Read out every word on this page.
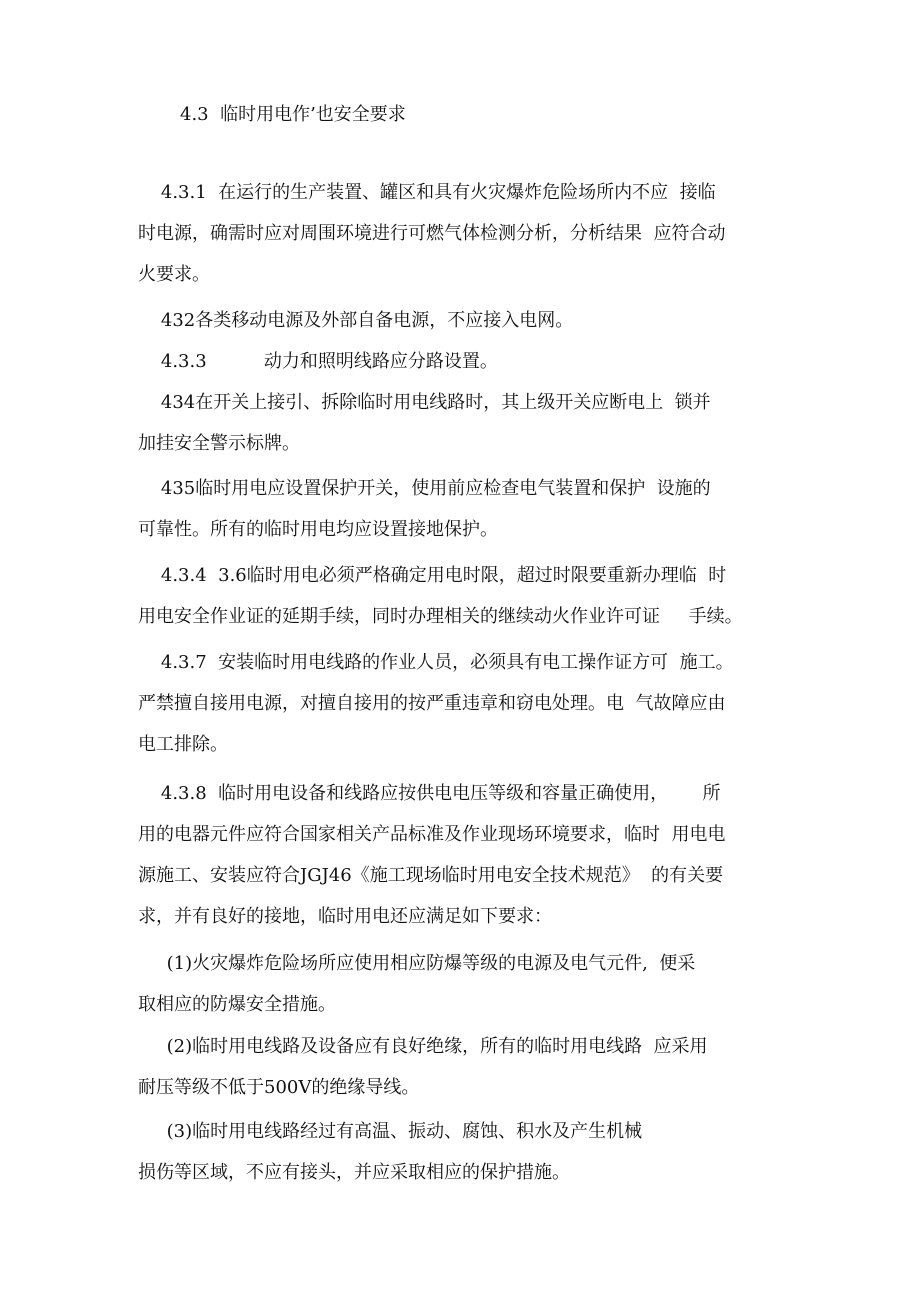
4.3  临时用电作’也安全要求
4.3.1  在运行的生产装置、罐区和具有火灾爆炸危险场所内不应  接临
时电源，确需时应对周围环境进行可燃气体检测分析，分析结果  应符合动
火要求。
432各类移动电源及外部自备电源，不应接入电网。
4.3.3          动力和照明线路应分路设置。
434在开关上接引、拆除临时用电线路时，其上级开关应断电上  锁并
加挂安全警示标牌。
435临时用电应设置保护开关，使用前应检查电气装置和保护  设施的
可靠性。所有的临时用电均应设置接地保护。
4.3.4  3.6临时用电必须严格确定用电时限，超过时限要重新办理临  时
用电安全作业证的延期手续，同时办理相关的继续动火作业许可证     手续。
4.3.7  安装临时用电线路的作业人员，必须具有电工操作证方可  施工。
严禁擅自接用电源，对擅自接用的按严重违章和窃电处理。电  气故障应由
电工排除。
4.3.8  临时用电设备和线路应按供电电压等级和容量正确使用，      所
用的电器元件应符合国家相关产品标准及作业现场环境要求，临时  用电电
源施工、安装应符合JGJ46《施工现场临时用电安全技术规范》  的有关要
求，并有良好的接地，临时用电还应满足如下要求：
(1)火灾爆炸危险场所应使用相应防爆等级的电源及电气元件,  便采
取相应的防爆安全措施。
(2)临时用电线路及设备应有良好绝缘，所有的临时用电线路  应采用
耐压等级不低于500V的绝缘导线。
(3)临时用电线路经过有高温、振动、腐蚀、积水及产生机械
损伤等区域，不应有接头，并应采取相应的保护措施。
